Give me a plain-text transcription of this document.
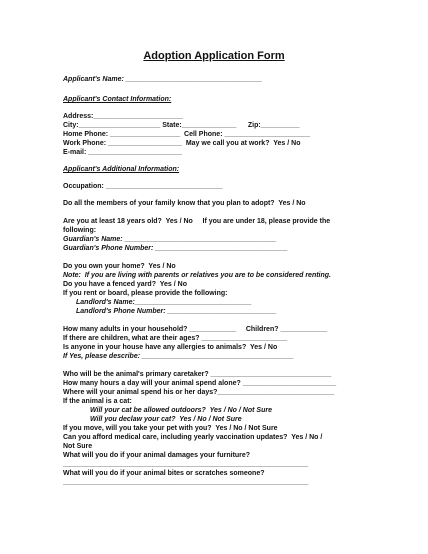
Adoption Application Form
Applicant's Name: ___________________________________
Applicant's Contact Information:
Address:_______________________
City:_____________________ State:______________      Zip:__________
Home Phone: __________________  Cell Phone: ______________________
Work Phone: ___________________  May we call you at work?  Yes / No
E-mail: ________________________
Applicant's Additional Information:
Occupation: ______________________________
Do all the members of your family know that you plan to adopt?  Yes / No
Are you at least 18 years old?  Yes / No     If you are under 18, please provide the
following:
Guardian's Name: _______________________________________
Guardian's Phone Number: __________________________________
Do you own your home?  Yes / No
Note:  If you are living with parents or relatives you are to be considered renting.
Do you have a fenced yard?  Yes / No
If you rent or board, please provide the following:
Landlord's Name:______________________________
Landlord's Phone Number: ____________________________
How many adults in your household? ____________     Children? ____________
If there are children, what are their ages? ______________________
Is anyone in your house have any allergies to animals?  Yes / No
If Yes, please describe: _______________________________________
Who will be the animal's primary caretaker? _______________________________
How many hours a day will your animal spend alone? ________________________
Where will your animal spend his or her days?______________________________
If the animal is a cat:
Will your cat be allowed outdoors?  Yes / No / Not Sure
Will you declaw your cat?  Yes / No / Not Sure
If you move, will you take your pet with you?  Yes / No / Not Sure
Can you afford medical care, including yearly vaccination updates?  Yes / No /
Not Sure
What will you do if your animal damages your furniture?
_______________________________________________________________
What will you do if your animal bites or scratches someone?
_______________________________________________________________
